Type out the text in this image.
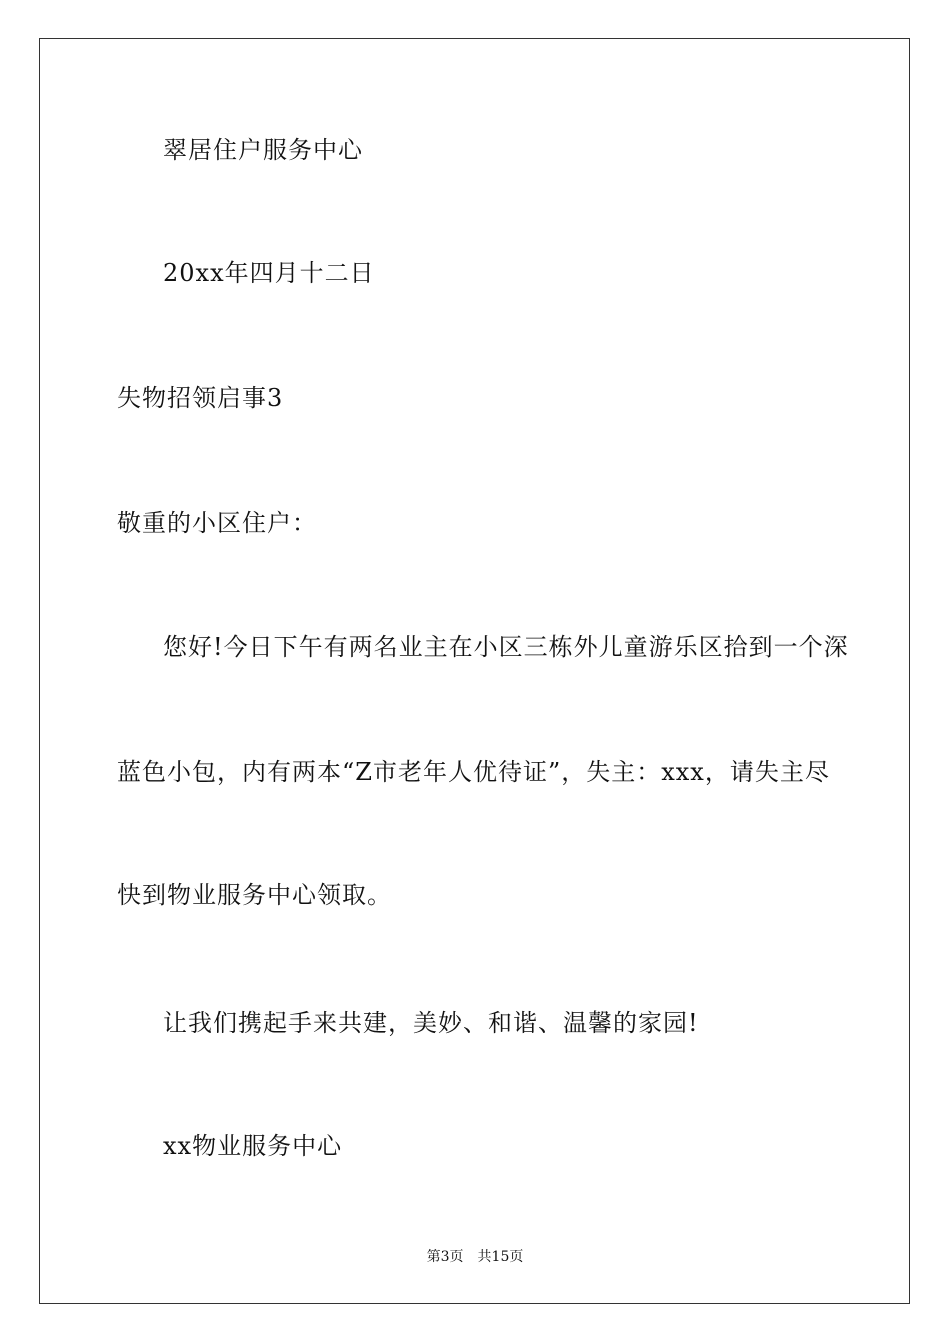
翠居住户服务中心
20xx年四月十二日
失物招领启事3
敬重的小区住户：
您好!今日下午有两名业主在小区三栋外儿童游乐区拾到一个深
蓝色小包，内有两本“Z市老年人优待证”，失主：xxx，请失主尽
快到物业服务中心领取。
让我们携起手来共建，美妙、和谐、温馨的家园!
xx物业服务中心
第3页 共15页
